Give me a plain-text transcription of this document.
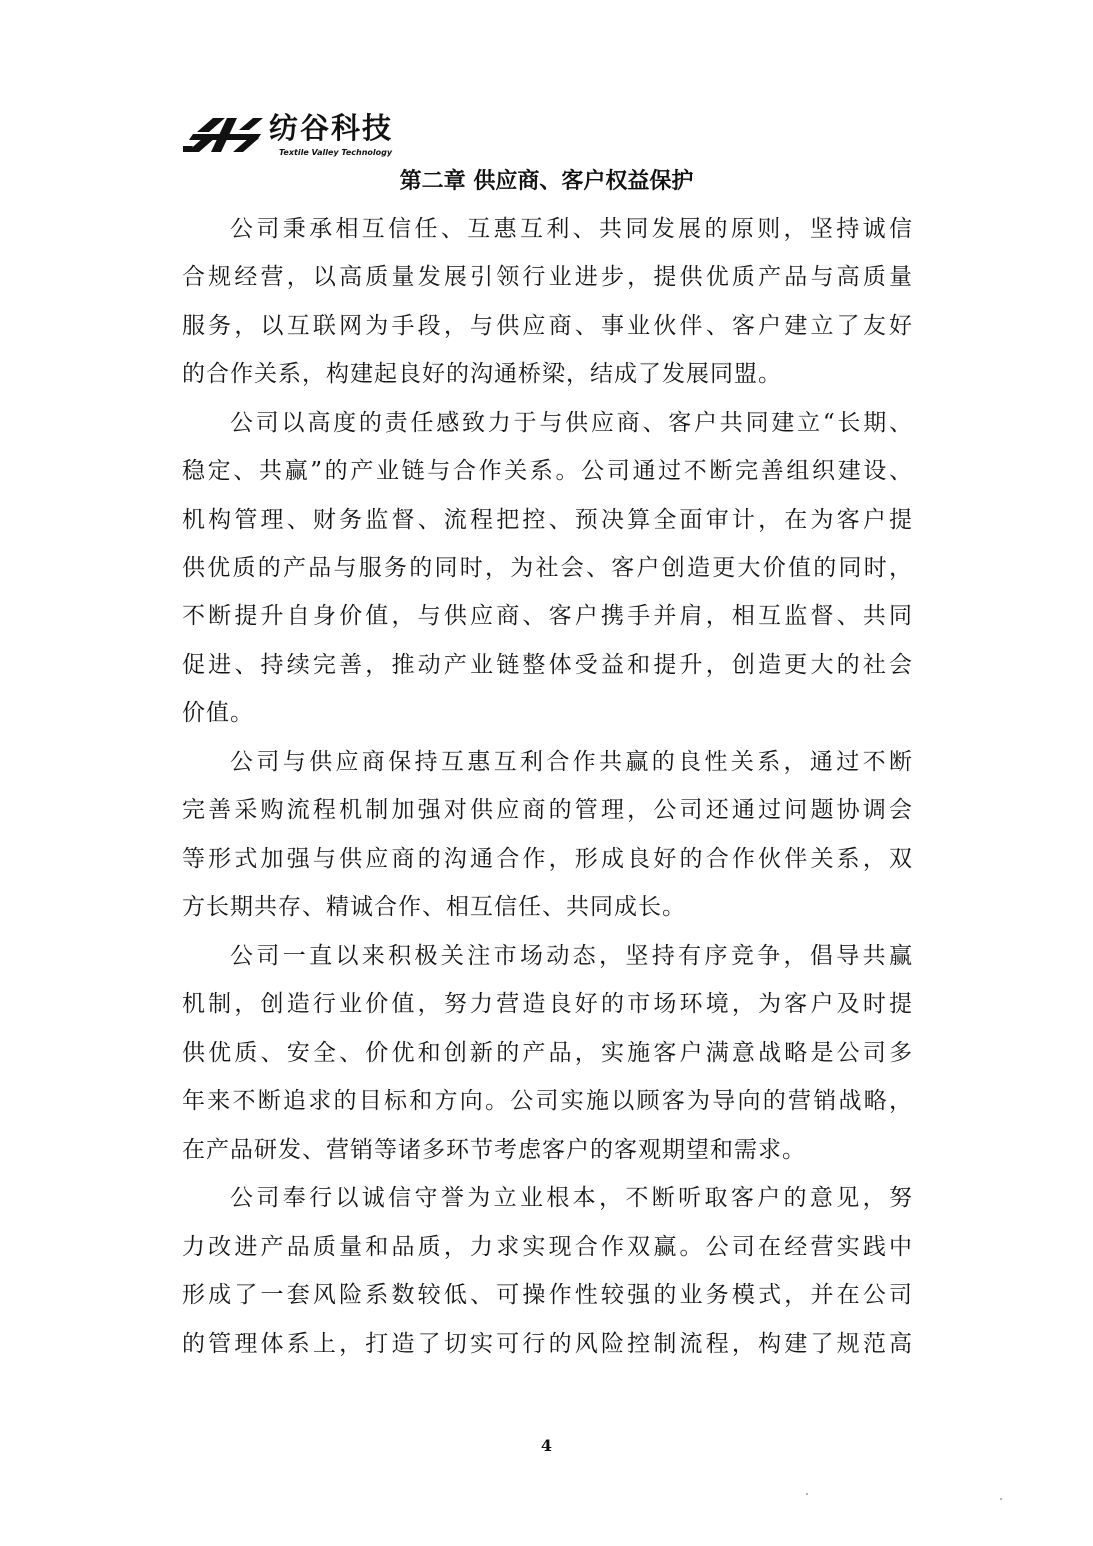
纺谷科技
Textile Valley Technology
第二章 供应商、客户权益保护
公司秉承相互信任、互惠互利、共同发展的原则，坚持诚信
合规经营，以高质量发展引领行业进步，提供优质产品与高质量
服务，以互联网为手段，与供应商、事业伙伴、客户建立了友好
的合作关系，构建起良好的沟通桥梁，结成了发展同盟。
公司以高度的责任感致力于与供应商、客户共同建立“长期、
稳定、共赢”的产业链与合作关系。公司通过不断完善组织建设、
机构管理、财务监督、流程把控、预决算全面审计，在为客户提
供优质的产品与服务的同时，为社会、客户创造更大价值的同时，
不断提升自身价值，与供应商、客户携手并肩，相互监督、共同
促进、持续完善，推动产业链整体受益和提升，创造更大的社会
价值。
公司与供应商保持互惠互利合作共赢的良性关系，通过不断
完善采购流程机制加强对供应商的管理，公司还通过问题协调会
等形式加强与供应商的沟通合作，形成良好的合作伙伴关系，双
方长期共存、精诚合作、相互信任、共同成长。
公司一直以来积极关注市场动态，坚持有序竞争，倡导共赢
机制，创造行业价值，努力营造良好的市场环境，为客户及时提
供优质、安全、价优和创新的产品，实施客户满意战略是公司多
年来不断追求的目标和方向。公司实施以顾客为导向的营销战略，
在产品研发、营销等诸多环节考虑客户的客观期望和需求。
公司奉行以诚信守誉为立业根本，不断听取客户的意见，努
力改进产品质量和品质，力求实现合作双赢。公司在经营实践中
形成了一套风险系数较低、可操作性较强的业务模式，并在公司
的管理体系上，打造了切实可行的风险控制流程，构建了规范高
4
